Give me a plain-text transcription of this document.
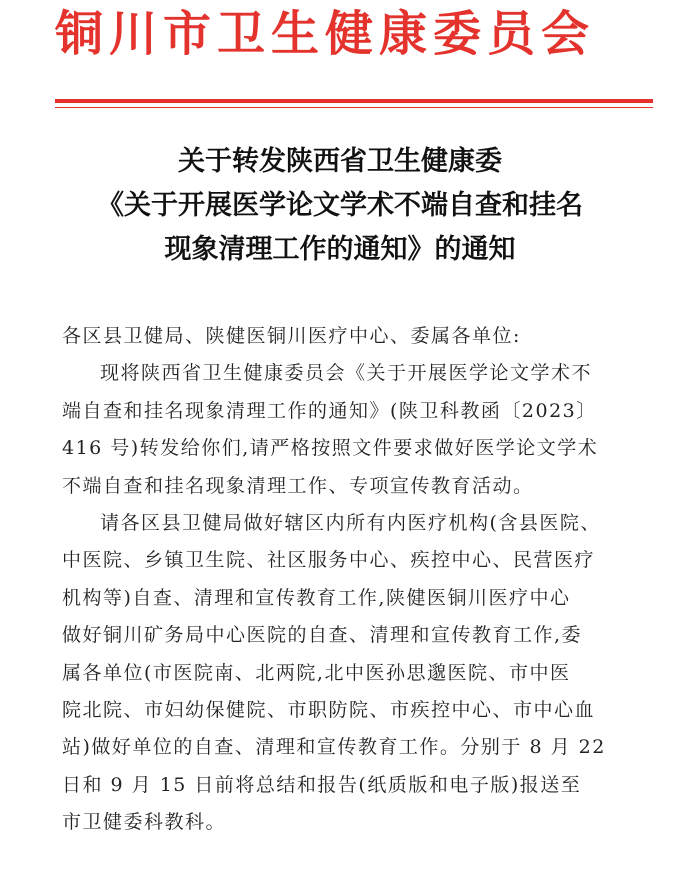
铜川市卫生健康委员会
关于转发陕西省卫生健康委
《关于开展医学论文学术不端自查和挂名
现象清理工作的通知》的通知
各区县卫健局、陕健医铜川医疗中心、委属各单位:
现将陕西省卫生健康委员会《关于开展医学论文学术不
端自查和挂名现象清理工作的通知》(陕卫科教函〔2023〕
416 号)转发给你们,请严格按照文件要求做好医学论文学术
不端自查和挂名现象清理工作、专项宣传教育活动。
请各区县卫健局做好辖区内所有内医疗机构(含县医院、
中医院、乡镇卫生院、社区服务中心、疾控中心、民营医疗
机构等)自查、清理和宣传教育工作,陕健医铜川医疗中心
做好铜川矿务局中心医院的自查、清理和宣传教育工作,委
属各单位(市医院南、北两院,北中医孙思邈医院、市中医
院北院、市妇幼保健院、市职防院、市疾控中心、市中心血
站)做好单位的自查、清理和宣传教育工作。分别于 8 月 22
日和 9 月 15 日前将总结和报告(纸质版和电子版)报送至
市卫健委科教科。
